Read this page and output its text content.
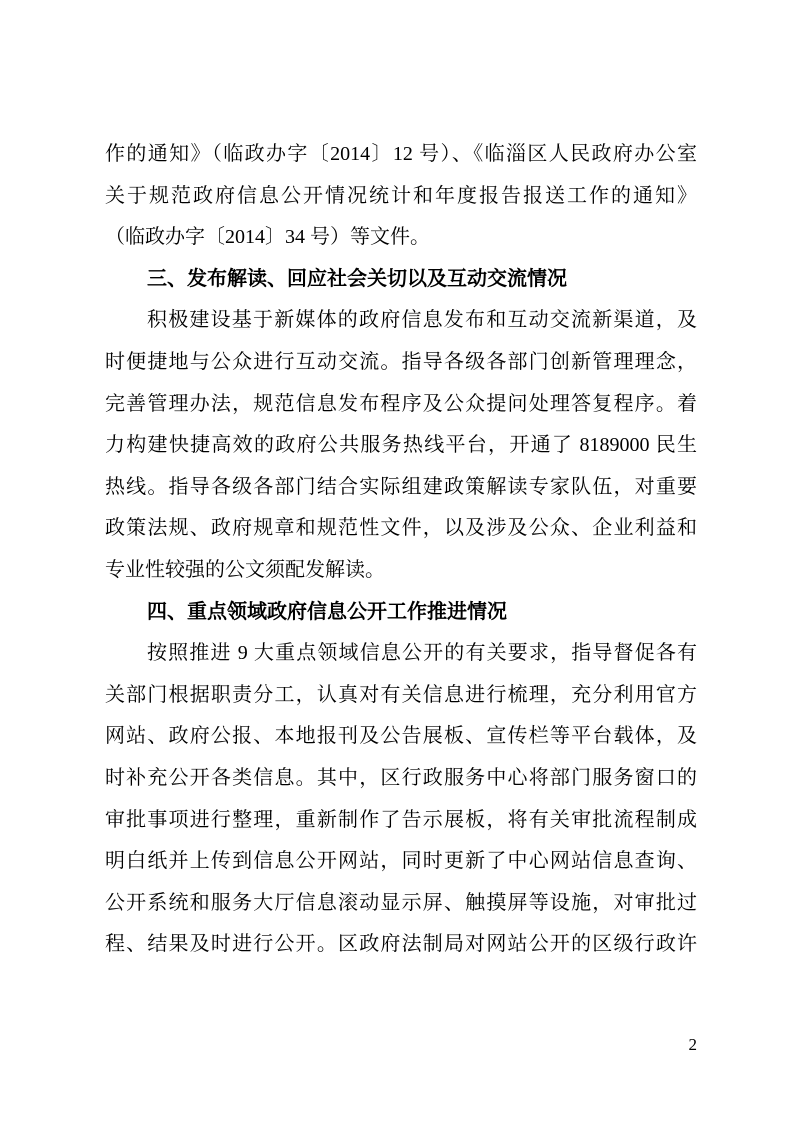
作的通知》（临政办字〔2014〕12 号）、《临淄区人民政府办公室
关于规范政府信息公开情况统计和年度报告报送工作的通知》
（临政办字〔2014〕34 号）等文件。
三、发布解读、回应社会关切以及互动交流情况
积极建设基于新媒体的政府信息发布和互动交流新渠道，及
时便捷地与公众进行互动交流。指导各级各部门创新管理理念，
完善管理办法，规范信息发布程序及公众提问处理答复程序。着
力构建快捷高效的政府公共服务热线平台，开通了 8189000 民生
热线。指导各级各部门结合实际组建政策解读专家队伍，对重要
政策法规、政府规章和规范性文件，以及涉及公众、企业利益和
专业性较强的公文须配发解读。
四、重点领域政府信息公开工作推进情况
按照推进 9 大重点领域信息公开的有关要求，指导督促各有
关部门根据职责分工，认真对有关信息进行梳理，充分利用官方
网站、政府公报、本地报刊及公告展板、宣传栏等平台载体，及
时补充公开各类信息。其中，区行政服务中心将部门服务窗口的
审批事项进行整理，重新制作了告示展板，将有关审批流程制成
明白纸并上传到信息公开网站，同时更新了中心网站信息查询、
公开系统和服务大厅信息滚动显示屏、触摸屏等设施，对审批过
程、结果及时进行公开。区政府法制局对网站公开的区级行政许
2
